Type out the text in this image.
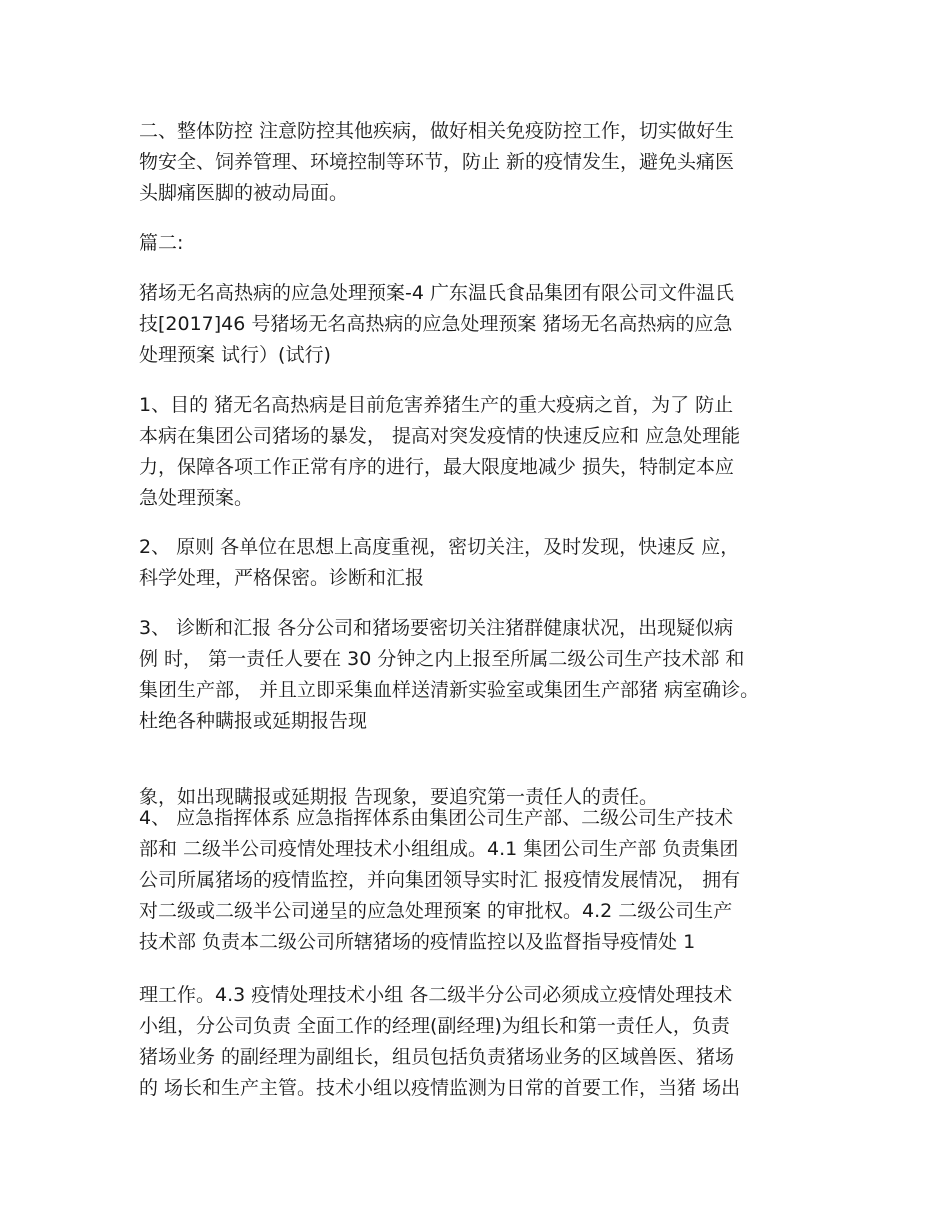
二、整体防控 注意防控其他疾病，做好相关免疫防控工作，切实做好生
物安全、饲养管理、环境控制等环节，防止 新的疫情发生，避免头痛医
头脚痛医脚的被动局面。
篇二:
猪场无名高热病的应急处理预案-4 广东温氏食品集团有限公司文件温氏
技[2017]46 号猪场无名高热病的应急处理预案 猪场无名高热病的应急
处理预案 试行）(试行)
1、目的 猪无名高热病是目前危害养猪生产的重大疫病之首，为了 防止
本病在集团公司猪场的暴发， 提高对突发疫情的快速反应和 应急处理能
力，保障各项工作正常有序的进行，最大限度地减少 损失，特制定本应
急处理预案。
2、 原则 各单位在思想上高度重视，密切关注，及时发现，快速反 应，
科学处理，严格保密。诊断和汇报
3、 诊断和汇报 各分公司和猪场要密切关注猪群健康状况，出现疑似病
例 时， 第一责任人要在 30 分钟之内上报至所属二级公司生产技术部 和
集团生产部， 并且立即采集血样送清新实验室或集团生产部猪 病室确诊。
杜绝各种瞒报或延期报告现
象，如出现瞒报或延期报 告现象，要追究第一责任人的责任。
4、 应急指挥体系 应急指挥体系由集团公司生产部、二级公司生产技术
部和 二级半公司疫情处理技术小组组成。4.1 集团公司生产部 负责集团
公司所属猪场的疫情监控，并向集团领导实时汇 报疫情发展情况， 拥有
对二级或二级半公司递呈的应急处理预案 的审批权。4.2 二级公司生产
技术部 负责本二级公司所辖猪场的疫情监控以及监督指导疫情处 1
理工作。4.3 疫情处理技术小组 各二级半分公司必须成立疫情处理技术
小组，分公司负责 全面工作的经理(副经理)为组长和第一责任人，负责
猪场业务 的副经理为副组长，组员包括负责猪场业务的区域兽医、猪场
的 场长和生产主管。技术小组以疫情监测为日常的首要工作，当猪 场出
